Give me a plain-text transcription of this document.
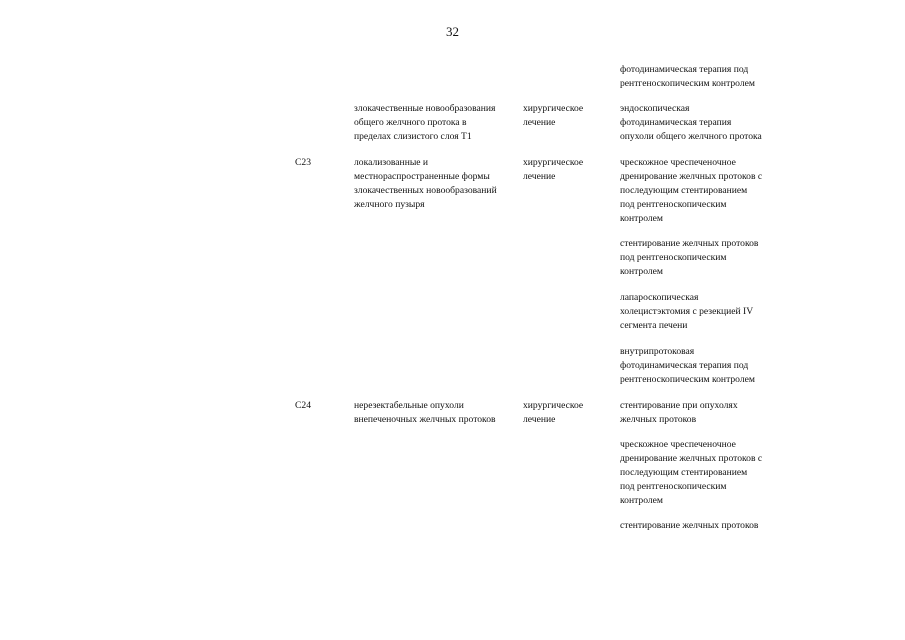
32
фотодинамическая терапия под
рентгеноскопическим контролем
злокачественные новообразования
общего желчного протока в
пределах слизистого слоя T1
хирургическое
лечение
эндоскопическая
фотодинамическая терапия
опухоли общего желчного протока
C23	локализованные и
местнораспространенные формы
злокачественных новообразований
желчного пузыря
хирургическое
лечение
чрескожное чреспеченочное
дренирование желчных протоков с
последующим стентированием
под рентгеноскопическим
контролем
стентирование желчных протоков
под рентгеноскопическим
контролем
лапароскопическая
холецистэктомия с резекцией IV
сегмента печени
внутрипротоковая
фотодинамическая терапия под
рентгеноскопическим контролем
C24	нерезектабельные опухоли
внепеченочных желчных протоков
хирургическое
лечение
стентирование при опухолях
желчных протоков
чрескожное чреспеченочное
дренирование желчных протоков с
последующим стентированием
под рентгеноскопическим
контролем
стентирование желчных протоков
